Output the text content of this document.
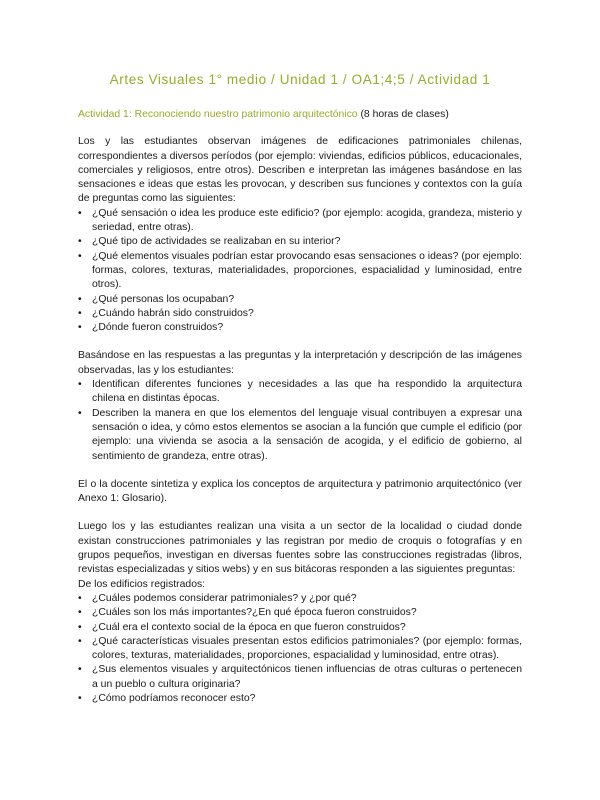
Artes Visuales 1° medio / Unidad 1 / OA1;4;5 / Actividad 1
Actividad 1: Reconociendo nuestro patrimonio arquitectónico (8 horas de clases)

Los y las estudiantes observan imágenes de edificaciones patrimoniales chilenas, correspondientes a diversos períodos (por ejemplo: viviendas, edificios públicos, educacionales, comerciales y religiosos, entre otros). Describen e interpretan las imágenes basándose en las sensaciones e ideas que estas les provocan, y describen sus funciones y contextos con la guía de preguntas como las siguientes:

• ¿Qué sensación o idea les produce este edificio? (por ejemplo: acogida, grandeza, misterio y seriedad, entre otras).
• ¿Qué tipo de actividades se realizaban en su interior?
• ¿Qué elementos visuales podrían estar provocando esas sensaciones o ideas? (por ejemplo: formas, colores, texturas, materialidades, proporciones, espacialidad y luminosidad, entre otros).
• ¿Qué personas los ocupaban?
• ¿Cuándo habrán sido construidos?
• ¿Dónde fueron construidos?

Basándose en las respuestas a las preguntas y la interpretación y descripción de las imágenes observadas, las y los estudiantes:

• Identifican diferentes funciones y necesidades a las que ha respondido la arquitectura chilena en distintas épocas.
• Describen la manera en que los elementos del lenguaje visual contribuyen a expresar una sensación o idea, y cómo estos elementos se asocian a la función que cumple el edificio (por ejemplo: una vivienda se asocia a la sensación de acogida, y el edificio de gobierno, al sentimiento de grandeza, entre otras).

El o la docente sintetiza y explica los conceptos de arquitectura y patrimonio arquitectónico (ver Anexo 1: Glosario).

Luego los y las estudiantes realizan una visita a un sector de la localidad o ciudad donde existan construcciones patrimoniales y las registran por medio de croquis o fotografías y en grupos pequeños, investigan en diversas fuentes sobre las construcciones registradas (libros, revistas especializadas y sitios webs) y en sus bitácoras responden a las siguientes preguntas:

De los edificios registrados:

• ¿Cuáles podemos considerar patrimoniales? y ¿por qué?
• ¿Cuáles son los más importantes?¿En qué época fueron construidos?
• ¿Cuál era el contexto social de la época en que fueron construidos?
• ¿Qué características visuales presentan estos edificios patrimoniales? (por ejemplo: formas, colores, texturas, materialidades, proporciones, espacialidad y luminosidad, entre otras).
• ¿Sus elementos visuales y arquitectónicos tienen influencias de otras culturas o pertenecen a un pueblo o cultura originaria?
• ¿Cómo podríamos reconocer esto?
